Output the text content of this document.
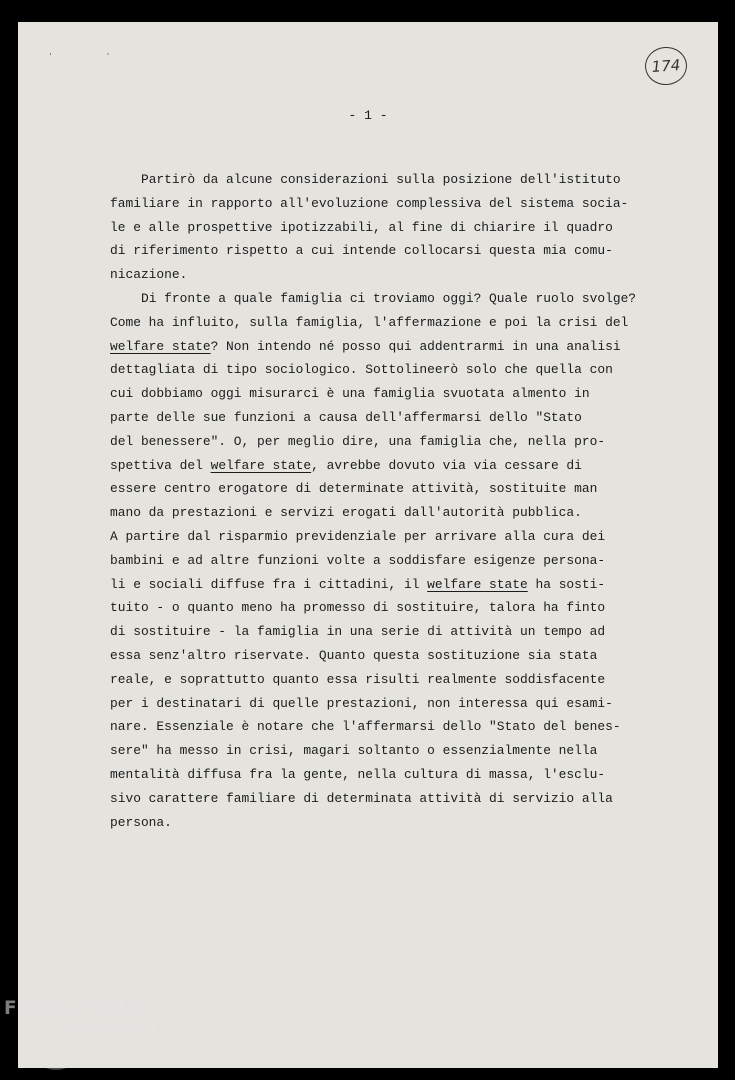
' '	174
- 1 -
Partirò da alcune considerazioni sulla posizione dell'istituto
familiare in rapporto all'evoluzione complessiva del sistema socia-
le e alle prospettive ipotizzabili, al fine di chiarire il quadro
di riferimento rispetto a cui intende collocarsi questa mia comu-
nicazione.
Di fronte a quale famiglia ci troviamo oggi? Quale ruolo svolge?
Come ha influito, sulla famiglia, l'affermazione e poi la crisi del
welfare state? Non intendo né posso qui addentrarmi in una analisi
dettagliata di tipo sociologico. Sottolineerò solo che quella con
cui dobbiamo oggi misurarci è una famiglia svuotata almento in
parte delle sue funzioni a causa dell'affermarsi dello "Stato
del benessere". O, per meglio dire, una famiglia che, nella pro-
spettiva del welfare state, avrebbe dovuto via via cessare di
essere centro erogatore di determinate attività, sostituite man
mano da prestazioni e servizi erogati dall'autorità pubblica.
A partire dal risparmio previdenziale per arrivare alla cura dei
bambini e ad altre funzioni volte a soddisfare esigenze persona-
li e sociali diffuse fra i cittadini, il welfare state ha sosti-
tuito - o quanto meno ha promesso di sostituire, talora ha finto
di sostituire - la famiglia in una serie di attività un tempo ad
essa senz'altro riservate. Quanto questa sostituzione sia stata
reale, e soprattutto quanto essa risulti realmente soddisfacente
per i destinatari di quelle prestazioni, non interessa qui esami-
nare. Essenziale è notare che l'affermarsi dello "Stato del benes-
sere" ha messo in crisi, magari soltanto o essenzialmente nella
mentalità diffusa fra la gente, nella cultura di massa, l'esclu-
sivo carattere familiare di determinata attività di servizio alla
persona.
FONDAZIONE
RAMSCI
onlus
